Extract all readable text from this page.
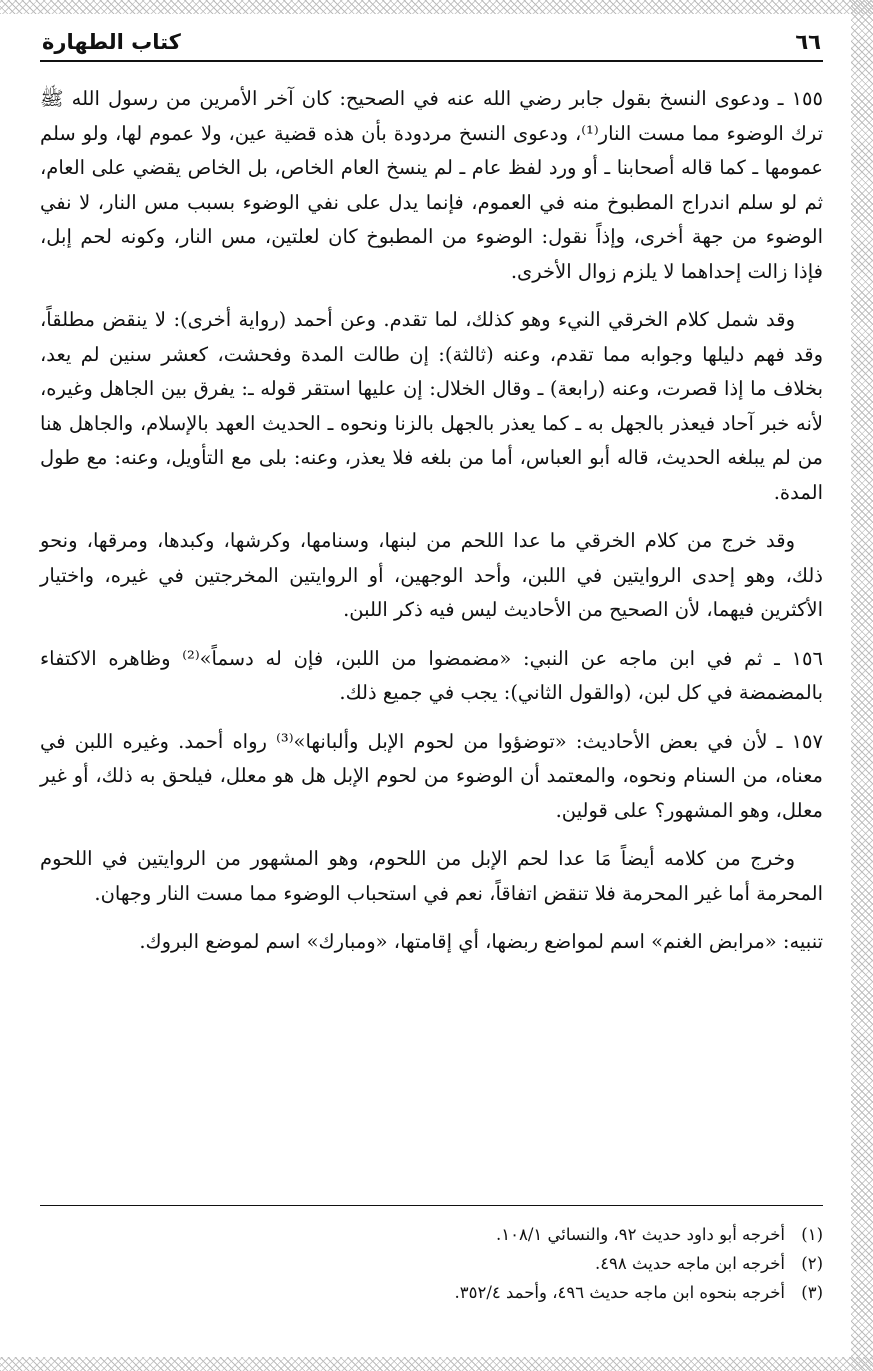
٦٦
كتاب الطهارة

١٥٥ ـ ودعوى النسخ بقول جابر رضي الله عنه في الصحيح: كان آخر الأمرين من رسول الله ﷺ ترك الوضوء مما مست النار⁽¹⁾، ودعوى النسخ مردودة بأن هذه قضية عين، ولا عموم لها، ولو سلم عمومها ـ كما قاله أصحابنا ـ أو ورد لفظ عام ـ لم ينسخ العام الخاص، بل الخاص يقضي على العام، ثم لو سلم اندراج المطبوخ منه في العموم، فإنما يدل على نفي الوضوء بسبب مس النار، لا نفي الوضوء من جهة أخرى، وإذاً نقول: الوضوء من المطبوخ كان لعلتين، مس النار، وكونه لحم إبل، فإذا زالت إحداهما لا يلزم زوال الأخرى.

وقد شمل كلام الخرقي النيء وهو كذلك، لما تقدم. وعن أحمد (رواية أخرى): لا ينقض مطلقاً، وقد فهم دليلها وجوابه مما تقدم، وعنه (ثالثة): إن طالت المدة وفحشت، كعشر سنين لم يعد، بخلاف ما إذا قصرت، وعنه (رابعة) ـ وقال الخلال: إن عليها استقر قوله ـ: يفرق بين الجاهل وغيره، لأنه خبر آحاد فيعذر بالجهل به ـ كما يعذر بالجهل بالزنا ونحوه ـ الحديث العهد بالإسلام، والجاهل هنا من لم يبلغه الحديث، قاله أبو العباس، أما من بلغه فلا يعذر، وعنه: بلى مع التأويل، وعنه: مع طول المدة.

وقد خرج من كلام الخرقي ما عدا اللحم من لبنها، وسنامها، وكرشها، وكبدها، ومرقها، ونحو ذلك، وهو إحدى الروايتين في اللبن، وأحد الوجهين، أو الروايتين المخرجتين في غيره، واختيار الأكثرين فيهما، لأن الصحيح من الأحاديث ليس فيه ذكر اللبن.

١٥٦ ـ ثم في ابن ماجه عن النبي: «مضمضوا من اللبن، فإن له دسماً»⁽²⁾ وظاهره الاكتفاء بالمضمضة في كل لبن، (والقول الثاني): يجب في جميع ذلك.

١٥٧ ـ لأن في بعض الأحاديث: «توضؤوا من لحوم الإبل وألبانها»⁽³⁾ رواه أحمد. وغيره اللبن في معناه، من السنام ونحوه، والمعتمد أن الوضوء من لحوم الإبل هل هو معلل، فيلحق به ذلك، أو غير معلل، وهو المشهور؟ على قولين.

وخرج من كلامه أيضاً مَا عدا لحم الإبل من اللحوم، وهو المشهور من الروايتين في اللحوم المحرمة أما غير المحرمة فلا تنقض اتفاقاً، نعم في استحباب الوضوء مما مست النار وجهان.

تنبيه: «مرابض الغنم» اسم لمواضع ربضها، أي إقامتها، «ومبارك» اسم لموضع البروك.

(١)
أخرجه أبو داود حديث ٩٢، والنسائي ١٠٨/١.
(٢)
أخرجه ابن ماجه حديث ٤٩٨.
(٣)
أخرجه بنحوه ابن ماجه حديث ٤٩٦، وأحمد ٣٥٢/٤.
